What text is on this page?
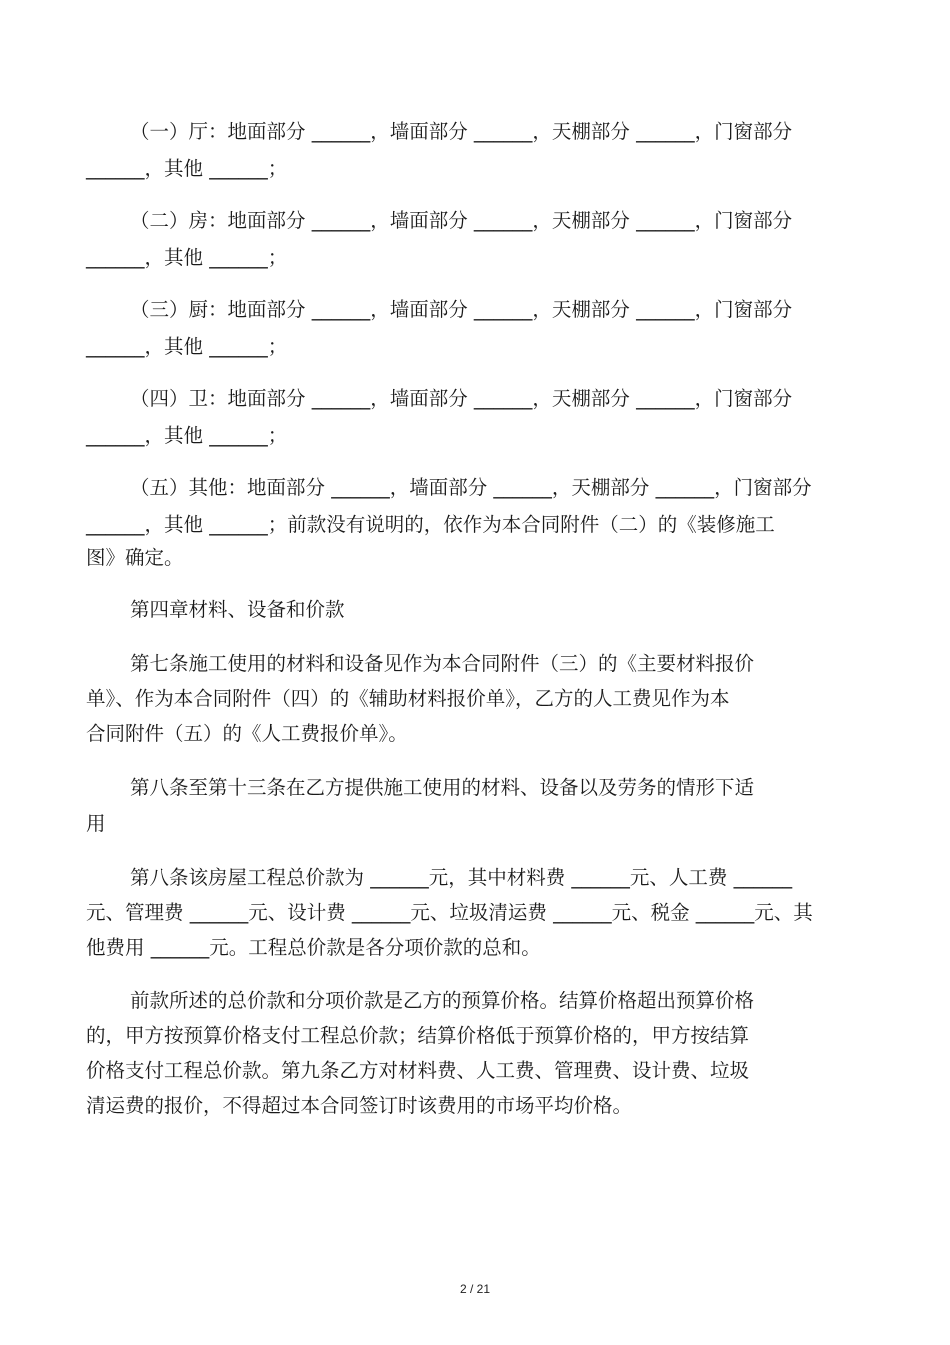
（一）厅：地面部分 ______，墙面部分 ______，天棚部分 ______，门窗部分
______，其他 ______；
（二）房：地面部分 ______，墙面部分 ______，天棚部分 ______，门窗部分
______，其他 ______；
（三）厨：地面部分 ______，墙面部分 ______，天棚部分 ______，门窗部分
______，其他 ______；
（四）卫：地面部分 ______，墙面部分 ______，天棚部分 ______，门窗部分
______，其他 ______；
（五）其他：地面部分 ______，墙面部分 ______，天棚部分 ______，门窗部分
______，其他 ______；前款没有说明的，依作为本合同附件（二）的《装修施工
图》确定。
第四章材料、设备和价款
第七条施工使用的材料和设备见作为本合同附件（三）的《主要材料报价
单》、作为本合同附件（四）的《辅助材料报价单》，乙方的人工费见作为本
合同附件（五）的《人工费报价单》。
第八条至第十三条在乙方提供施工使用的材料、设备以及劳务的情形下适
用
第八条该房屋工程总价款为 ______元，其中材料费 ______元、人工费 ______
元、管理费 ______元、设计费 ______元、垃圾清运费 ______元、税金 ______元、其
他费用 ______元。工程总价款是各分项价款的总和。
前款所述的总价款和分项价款是乙方的预算价格。结算价格超出预算价格
的，甲方按预算价格支付工程总价款；结算价格低于预算价格的，甲方按结算
价格支付工程总价款。第九条乙方对材料费、人工费、管理费、设计费、垃圾
清运费的报价，不得超过本合同签订时该费用的市场平均价格。
2 / 21
